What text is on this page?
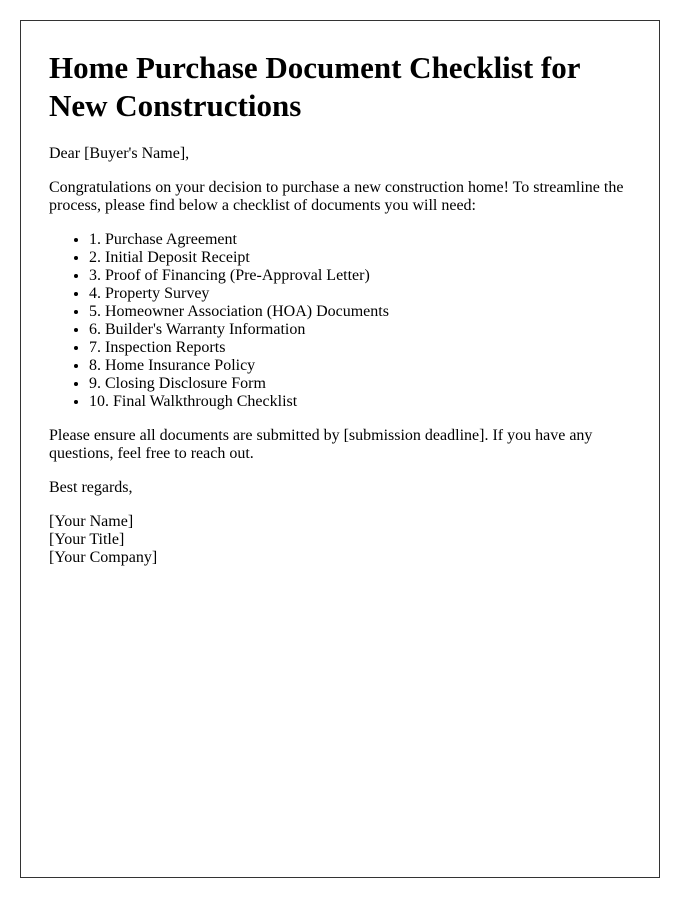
Home Purchase Document Checklist for New Constructions

Dear [Buyer's Name],

Congratulations on your decision to purchase a new construction home! To streamline the process, please find below a checklist of documents you will need:

• 1. Purchase Agreement
• 2. Initial Deposit Receipt
• 3. Proof of Financing (Pre-Approval Letter)
• 4. Property Survey
• 5. Homeowner Association (HOA) Documents
• 6. Builder's Warranty Information
• 7. Inspection Reports
• 8. Home Insurance Policy
• 9. Closing Disclosure Form
• 10. Final Walkthrough Checklist

Please ensure all documents are submitted by [submission deadline]. If you have any questions, feel free to reach out.

Best regards,

[Your Name]
[Your Title]
[Your Company]
